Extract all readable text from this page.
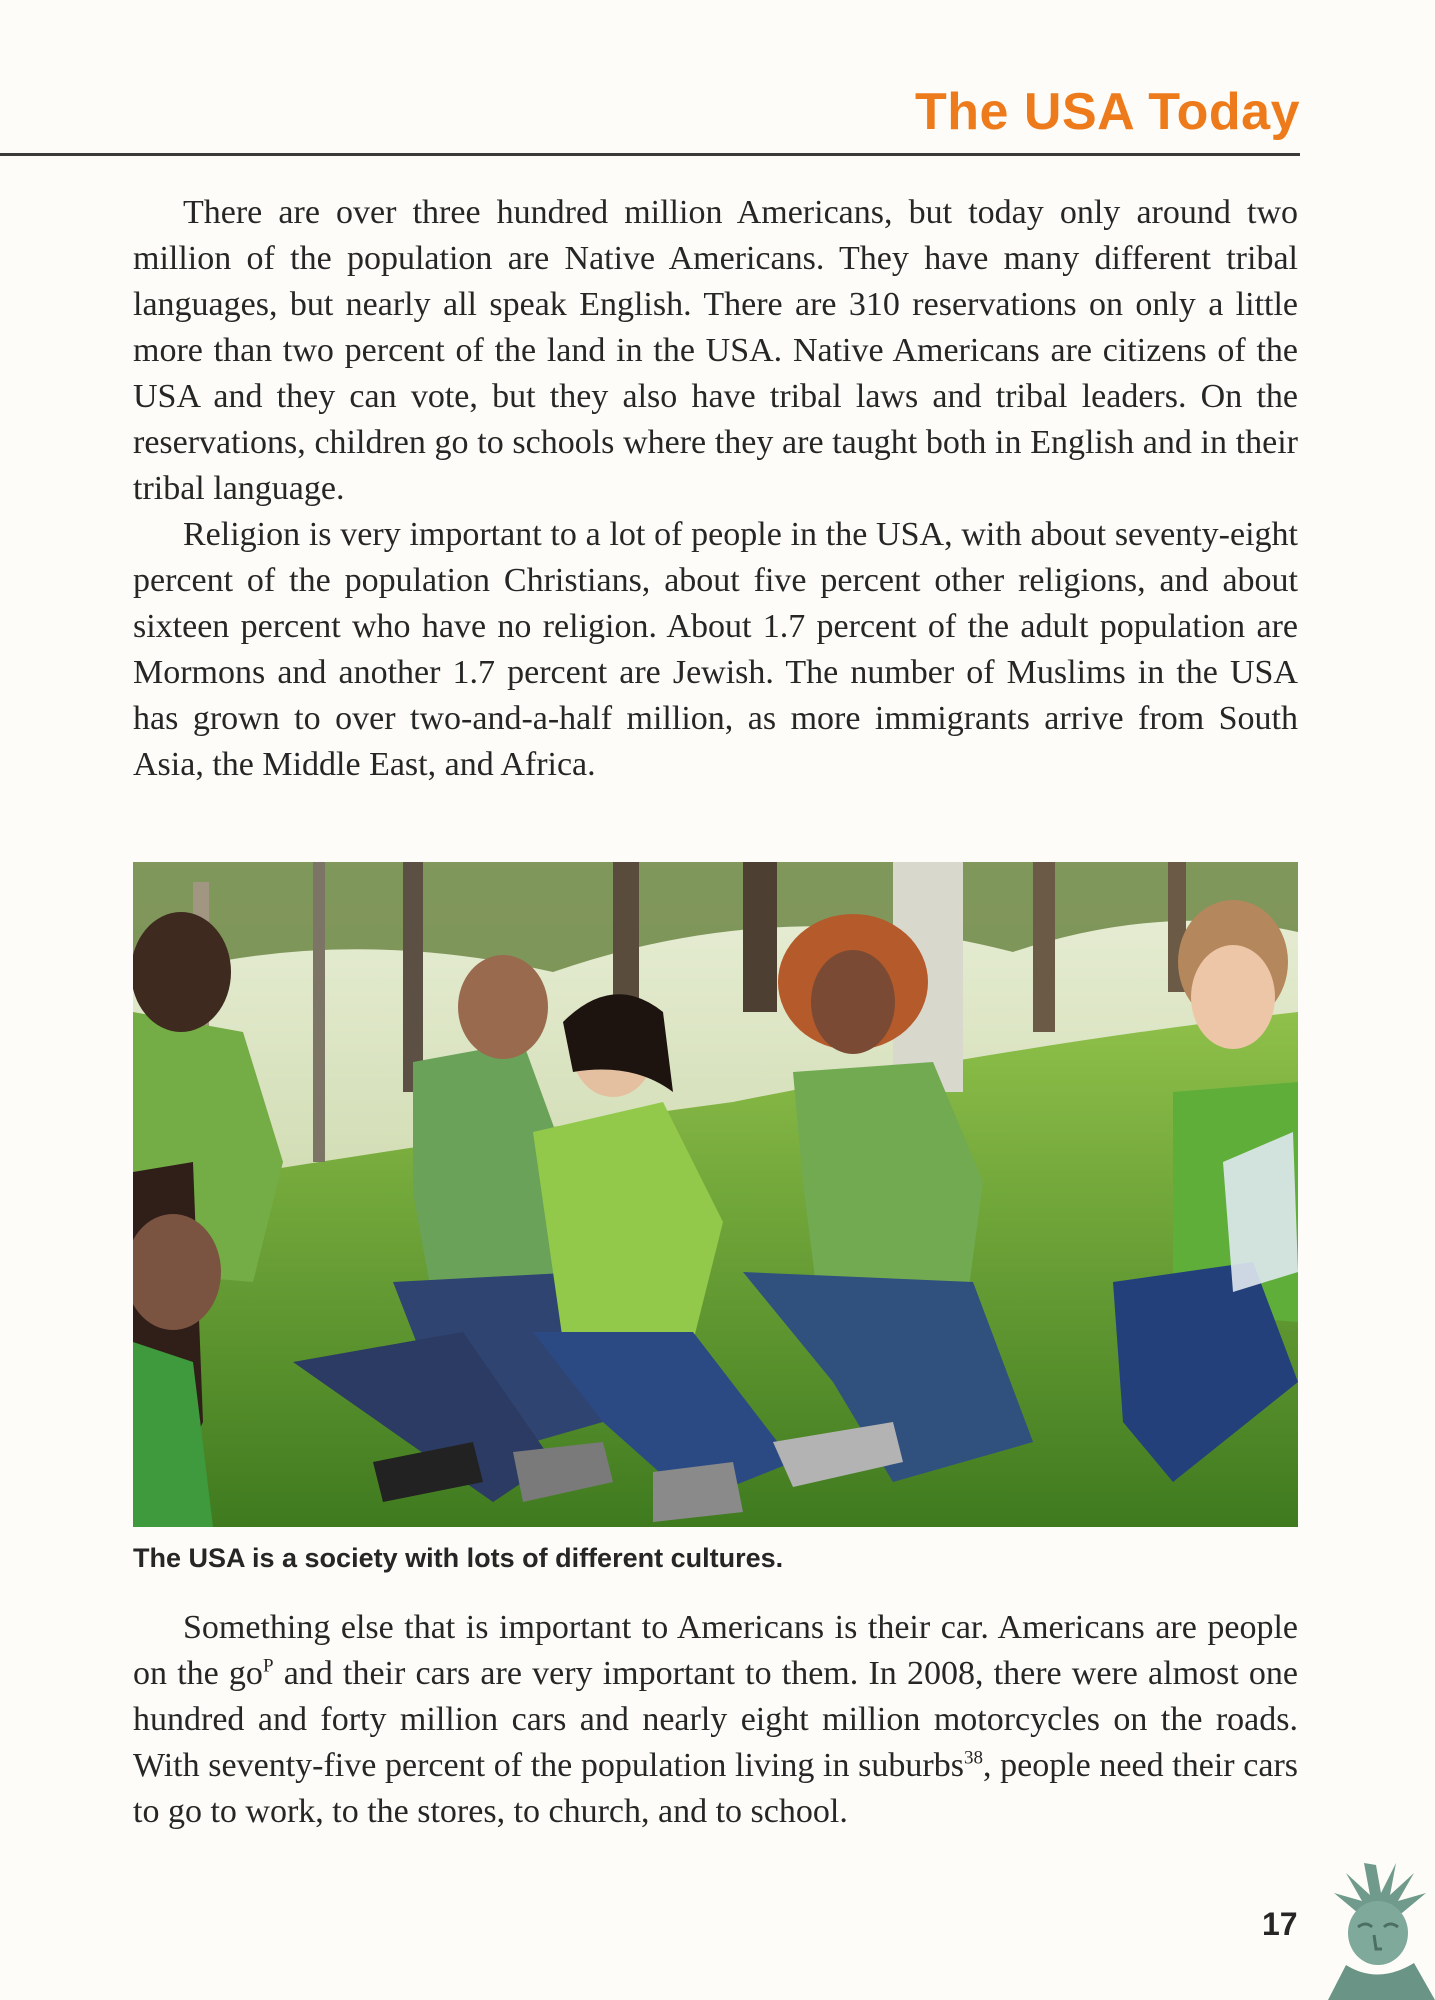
The USA Today

There are over three hundred million Americans, but today only around two million of the population are Native Americans. They have many different tribal languages, but nearly all speak English. There are 310 reservations on only a little more than two percent of the land in the USA. Native Americans are citizens of the USA and they can vote, but they also have tribal laws and tribal leaders. On the reservations, children go to schools where they are taught both in English and in their tribal language.

Religion is very important to a lot of people in the USA, with about seventy-eight percent of the population Christians, about five percent other religions, and about sixteen percent who have no religion. About 1.7 percent of the adult population are Mormons and another 1.7 percent are Jewish. The number of Muslims in the USA has grown to over two-and-a-half million, as more immigrants arrive from South Asia, the Middle East, and Africa.

The USA is a society with lots of different cultures.

Something else that is important to Americans is their car. Americans are people on the $go^P$ and their cars are very important to them. In 2008, there were almost one hundred and forty million cars and nearly eight million motorcycles on the roads. With seventy-five percent of the population living in suburbs$^{38}$, people need their cars to go to work, to the stores, to church, and to school.

17
